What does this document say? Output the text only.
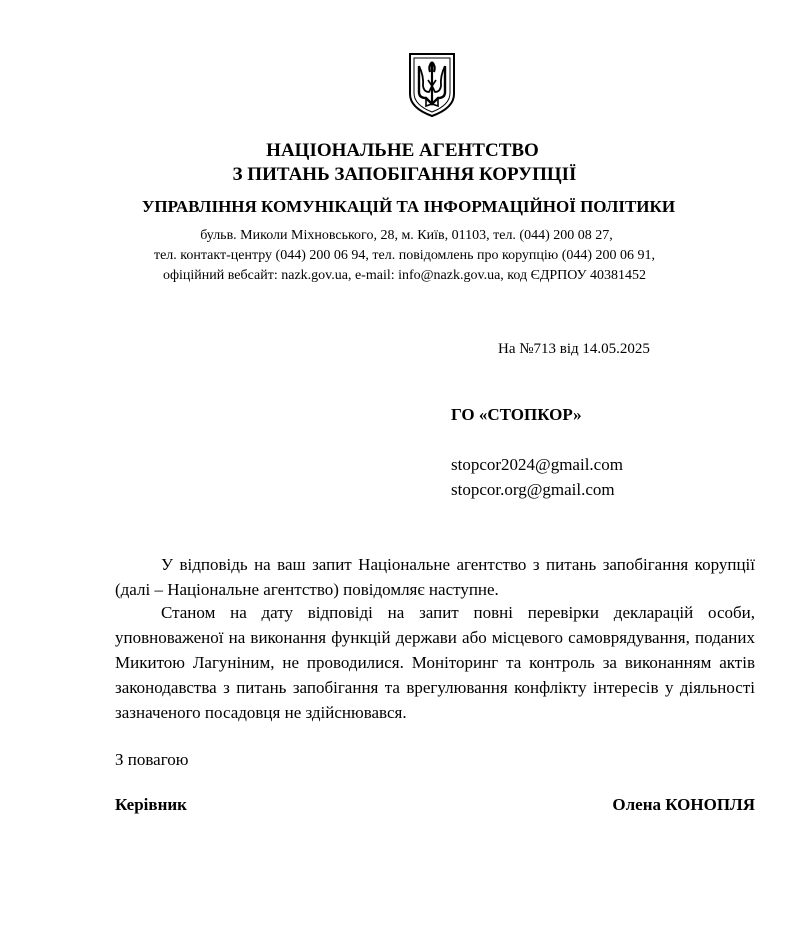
НАЦІОНАЛЬНЕ АГЕНТСТВО
З ПИТАНЬ ЗАПОБІГАННЯ КОРУПЦІЇ
УПРАВЛІННЯ КОМУНІКАЦІЙ ТА ІНФОРМАЦІЙНОЇ ПОЛІТИКИ
бульв. Миколи Міхновського, 28, м. Київ, 01103, тел. (044) 200 08 27,
тел. контакт-центру (044) 200 06 94, тел. повідомлень про корупцію (044) 200 06 91,
офіційний вебсайт: nazk.gov.ua, e-mail: info@nazk.gov.ua, код ЄДРПОУ 40381452
На №713 від 14.05.2025
ГО «СТОПКОР»
stopcor2024@gmail.com
stopcor.org@gmail.com
У відповідь на ваш запит Національне агентство з питань запобігання корупції (далі – Національне агентство) повідомляє наступне.
Станом на дату відповіді на запит повні перевірки декларацій особи, уповноваженої на виконання функцій держави або місцевого самоврядування, поданих Микитою Лагуніним, не проводилися. Моніторинг та контроль за виконанням актів законодавства з питань запобігання та врегулювання конфлікту інтересів у діяльності зазначеного посадовця не здійснювався.
З повагою
Керівник	Олена КОНОПЛЯ
